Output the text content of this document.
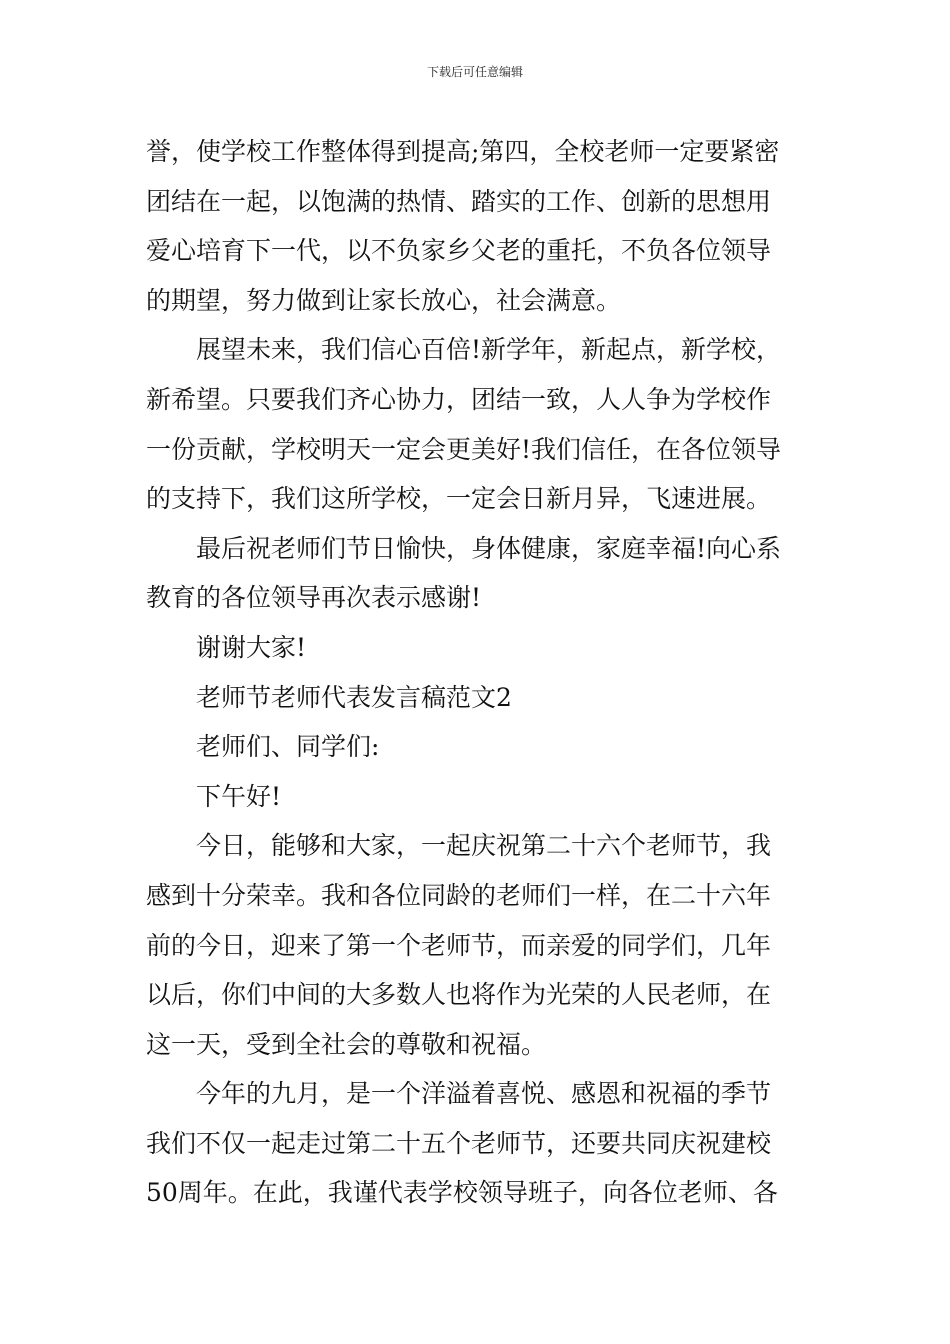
下载后可任意编辑
誉，使学校工作整体得到提高;第四，全校老师一定要紧密
团结在一起，以饱满的热情、踏实的工作、创新的思想用
爱心培育下一代，以不负家乡父老的重托，不负各位领导
的期望，努力做到让家长放心，社会满意。
展望未来，我们信心百倍!新学年，新起点，新学校，
新希望。只要我们齐心协力，团结一致，人人争为学校作
一份贡献，学校明天一定会更美好!我们信任，在各位领导
的支持下，我们这所学校，一定会日新月异，飞速进展。
最后祝老师们节日愉快，身体健康，家庭幸福!向心系
教育的各位领导再次表示感谢!
谢谢大家!
老师节老师代表发言稿范文2
老师们、同学们:
下午好!
今日，能够和大家，一起庆祝第二十六个老师节，我
感到十分荣幸。我和各位同龄的老师们一样，在二十六年
前的今日，迎来了第一个老师节，而亲爱的同学们，几年
以后，你们中间的大多数人也将作为光荣的人民老师，在
这一天，受到全社会的尊敬和祝福。
今年的九月，是一个洋溢着喜悦、感恩和祝福的季节
我们不仅一起走过第二十五个老师节，还要共同庆祝建校
50周年。在此，我谨代表学校领导班子，向各位老师、各
